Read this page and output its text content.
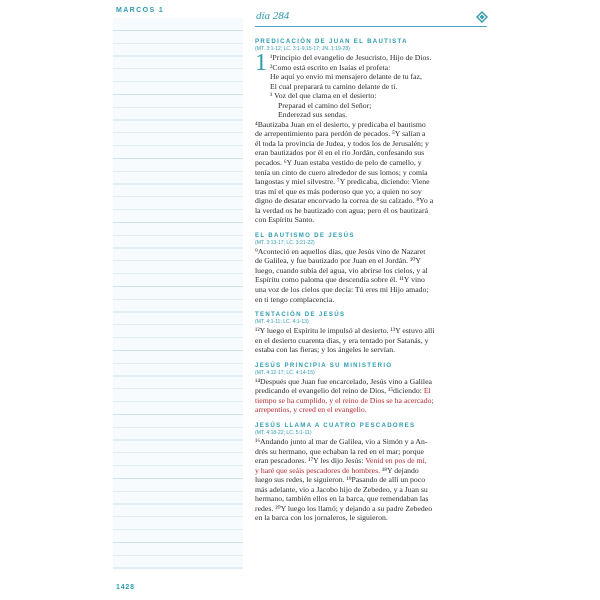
MARCOS 1
1428
día 284
PREDICACIÓN DE JUAN EL BAUTISTA
(MT. 3:1-12; LC. 3:1-9,15-17; JN. 1:19-28)
1 ¹Principio del evangelio de Jesucristo, Hijo de Dios.

²Como está escrito en Isaías el profeta:

He aquí yo envío mi mensajero delante de tu faz,

El cual preparará tu camino delante de ti.

³ Voz del que clama en el desierto:

Preparad el camino del Señor;

Enderezad sus sendas.

⁴Bautizaba Juan en el desierto, y predicaba el bautismo

de arrepentimiento para perdón de pecados. ⁵Y salían a

él toda la provincia de Judea, y todos los de Jerusalén; y

eran bautizados por él en el río Jordán, confesando sus

pecados. ⁶Y Juan estaba vestido de pelo de camello, y

tenía un cinto de cuero alrededor de sus lomos; y comía

langostas y miel silvestre. ⁷Y predicaba, diciendo: Viene

tras mí el que es más poderoso que yo, a quien no soy

digno de desatar encorvado la correa de su calzado. ⁸Yo a

la verdad os he bautizado con agua; pero él os bautizará

con Espíritu Santo.

EL BAUTISMO DE JESÚS
(MT. 3:13-17; LC. 3:21-22)

⁹Aconteció en aquellos días, que Jesús vino de Nazaret

de Galilea, y fue bautizado por Juan en el Jordán. ¹⁰Y

luego, cuando subía del agua, vio abrirse los cielos, y al

Espíritu como paloma que descendía sobre él. ¹¹Y vino

una voz de los cielos que decía: Tú eres mi Hijo amado;

en ti tengo complacencia.

TENTACIÓN DE JESÚS
(MT. 4:1-11; LC. 4:1-13)

¹²Y luego el Espíritu le impulsó al desierto. ¹³Y estuvo allí

en el desierto cuarenta días, y era tentado por Satanás, y

estaba con las fieras; y los ángeles le servían.

JESÚS PRINCIPIA SU MINISTERIO
(MT. 4:12-17; LC. 4:14-15)

¹⁴Después que Juan fue encarcelado, Jesús vino a Galilea

predicando el evangelio del reino de Dios, ¹⁵diciendo: El

tiempo se ha cumplido, y el reino de Dios se ha acercado;

arrepentíos, y creed en el evangelio.

JESÚS LLAMA A CUATRO PESCADORES
(MT. 4:18-22; LC. 5:1-11)

¹⁶Andando junto al mar de Galilea, vio a Simón y a An-

drés su hermano, que echaban la red en el mar; porque

eran pescadores. ¹⁷Y les dijo Jesús: Venid en pos de mí,

y haré que seáis pescadores de hombres. ¹⁸Y dejando

luego sus redes, le siguieron. ¹⁹Pasando de allí un poco

más adelante, vio a Jacobo hijo de Zebedeo, y a Juan su

hermano, también ellos en la barca, que remendaban las

redes. ²⁰Y luego los llamó; y dejando a su padre Zebedeo

en la barca con los jornaleros, le siguieron.
